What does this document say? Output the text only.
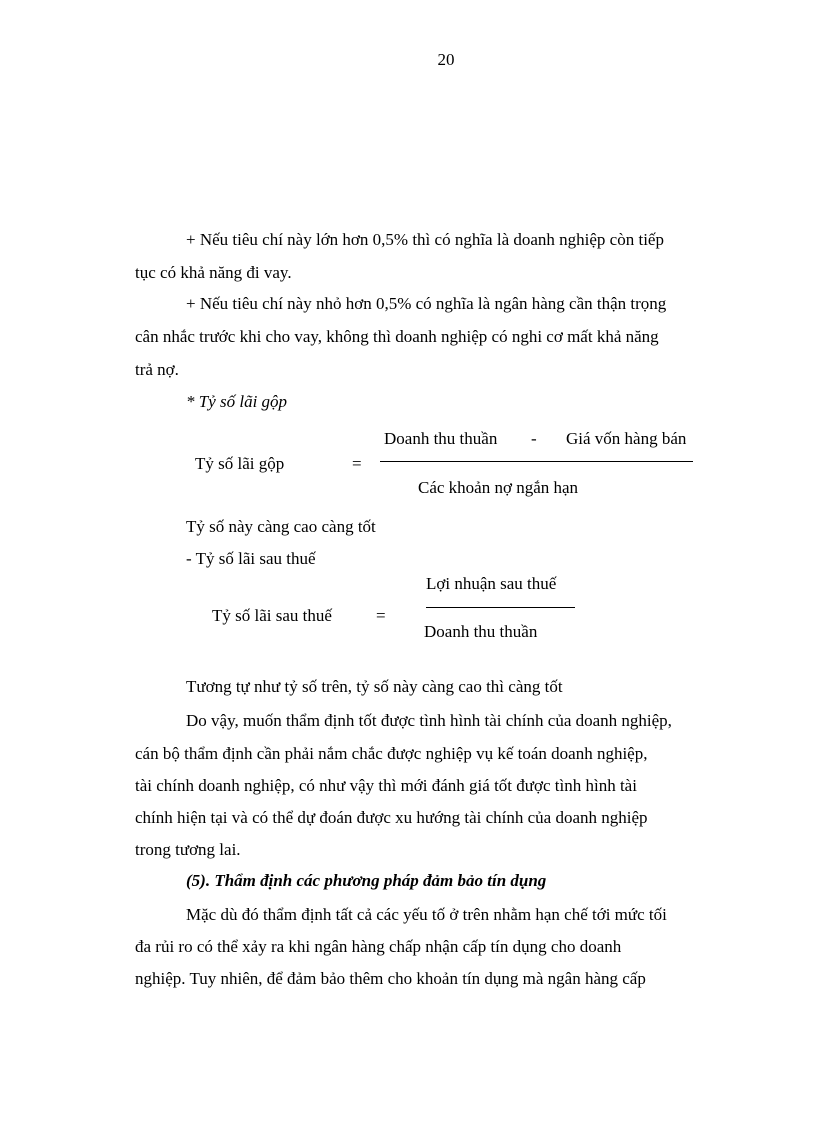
20
+ Nếu tiêu chí này lớn hơn 0,5% thì có nghĩa là doanh nghiệp còn tiếp
tục có khả năng đi vay.
+ Nếu tiêu chí này nhỏ hơn 0,5% có nghĩa là ngân hàng cần thận trọng
cân nhắc trước khi cho vay, không thì doanh nghiệp có nghi cơ mất khả năng
trả nợ.
* Tỷ số lãi gộp
Doanh thu thuần - Giá vốn hàng bán
Tỷ số lãi gộp	=
Các khoản nợ ngắn hạn
Tỷ số này càng cao càng tốt
- Tỷ số lãi sau thuế
Lợi nhuận sau thuế
Tỷ số lãi sau thuế	=
Doanh thu thuần
Tương tự như tỷ số trên, tỷ số này càng cao thì càng tốt
Do vậy, muốn thẩm định tốt được tình hình tài chính của doanh nghiệp,
cán bộ thẩm định cần phải nắm chắc được nghiệp vụ kế toán doanh nghiệp,
tài chính doanh nghiệp, có như vậy thì mới đánh giá tốt được tình hình tài
chính hiện tại và có thể dự đoán được xu hướng tài chính của doanh nghiệp
trong tương lai.
(5). Thẩm định các phương pháp đảm bảo tín dụng
Mặc dù đó thẩm định tất cả các yếu tố ở trên nhằm hạn chế tới mức tối
đa rủi ro có thể xảy ra khi ngân hàng chấp nhận cấp tín dụng cho doanh
nghiệp. Tuy nhiên, để đảm bảo thêm cho khoản tín dụng mà ngân hàng cấp
